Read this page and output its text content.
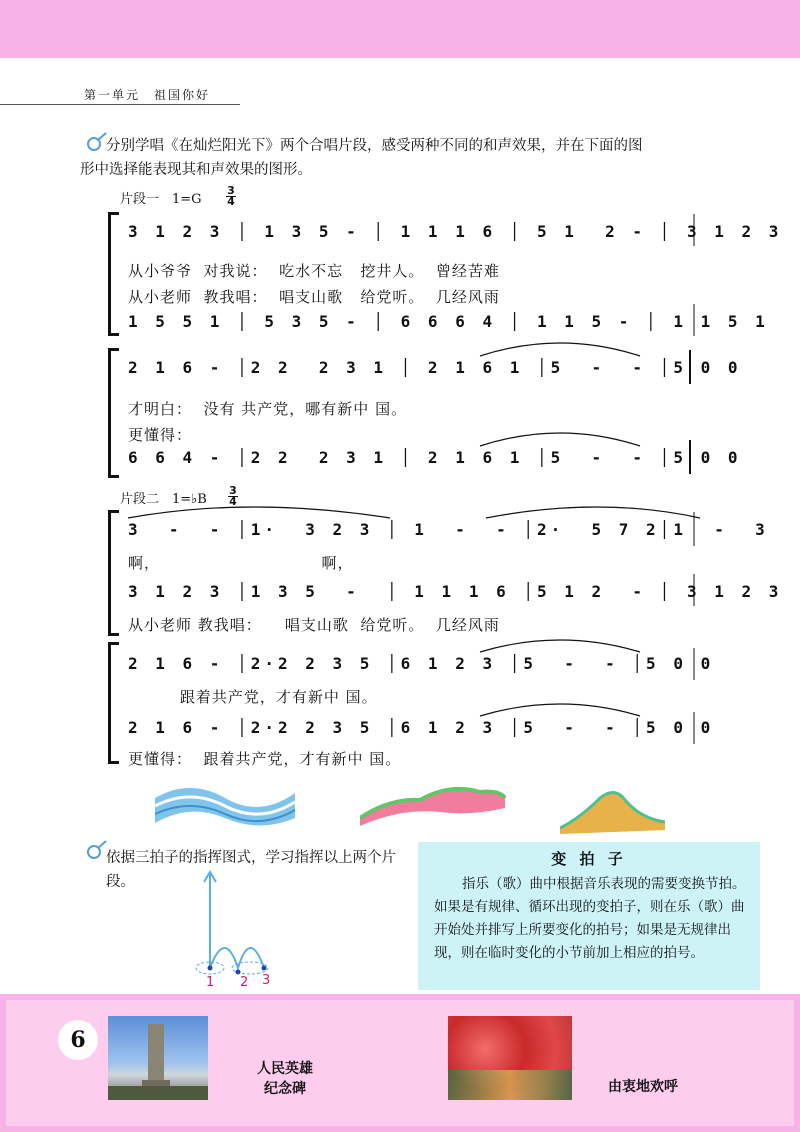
第一单元　祖国你好
分别学唱《在灿烂阳光下》两个合唱片段，感受两种不同的和声效果，并在下面的图
形中选择能表现其和声效果的图形。
片段一　1=G
3
4
3 1 2 3 │ 1 3 5 - │ 1 1 1 6 │ 5 1  2 - │ 3 1 2 3
从小爷爷  对我说：  吃水不忘   挖井人。  曾经苦难
从小老师  教我唱：  唱支山歌   给党听。  几经风雨
1 5 5 1 │ 5 3 5 - │ 6 6 6 4 │ 1 1 5 - │ 1 1 5 1
2 1 6 - │2 2  2 3 1 │ 2 1 6 1 │5  -  - │5 0 0
才明白：  没有 共产党，哪有新中 国。
更懂得：
6 6 4 - │2 2  2 3 1 │ 2 1 6 1 │5  -  - │5 0 0
片段二　1=♭B
3
4
3  -  - │1·  3 2 3 │ 1  -  - │2·  5 7 2│1  -  3
啊，                            啊，
3 1 2 3 │1 3 5  -  │ 1 1 1 6 │5 1 2  - │ 3 1 2 3
从小老师 教我唱：    唱支山歌  给党听。  几经风雨
2 1 6 - │2·2 2 3 5 │6 1 2 3 │5  -  - │5 0 0
跟着共产党，才有新中 国。
2 1 6 - │2·2 2 3 5 │6 1 2 3 │5  -  - │5 0 0
更懂得：  跟着共产党，才有新中 国。
依据三拍子的指挥图式，学习指挥以上两个片段。
1 2 3
变 拍 子
指乐（歌）曲中根据音乐表现的需要变换节拍。如果是有规律、循环出现的变拍子，则在乐（歌）曲开始处并排写上所要变化的拍号；如果是无规律出现，则在临时变化的小节前加上相应的拍号。
6
人民英雄
纪念碑	由衷地欢呼
